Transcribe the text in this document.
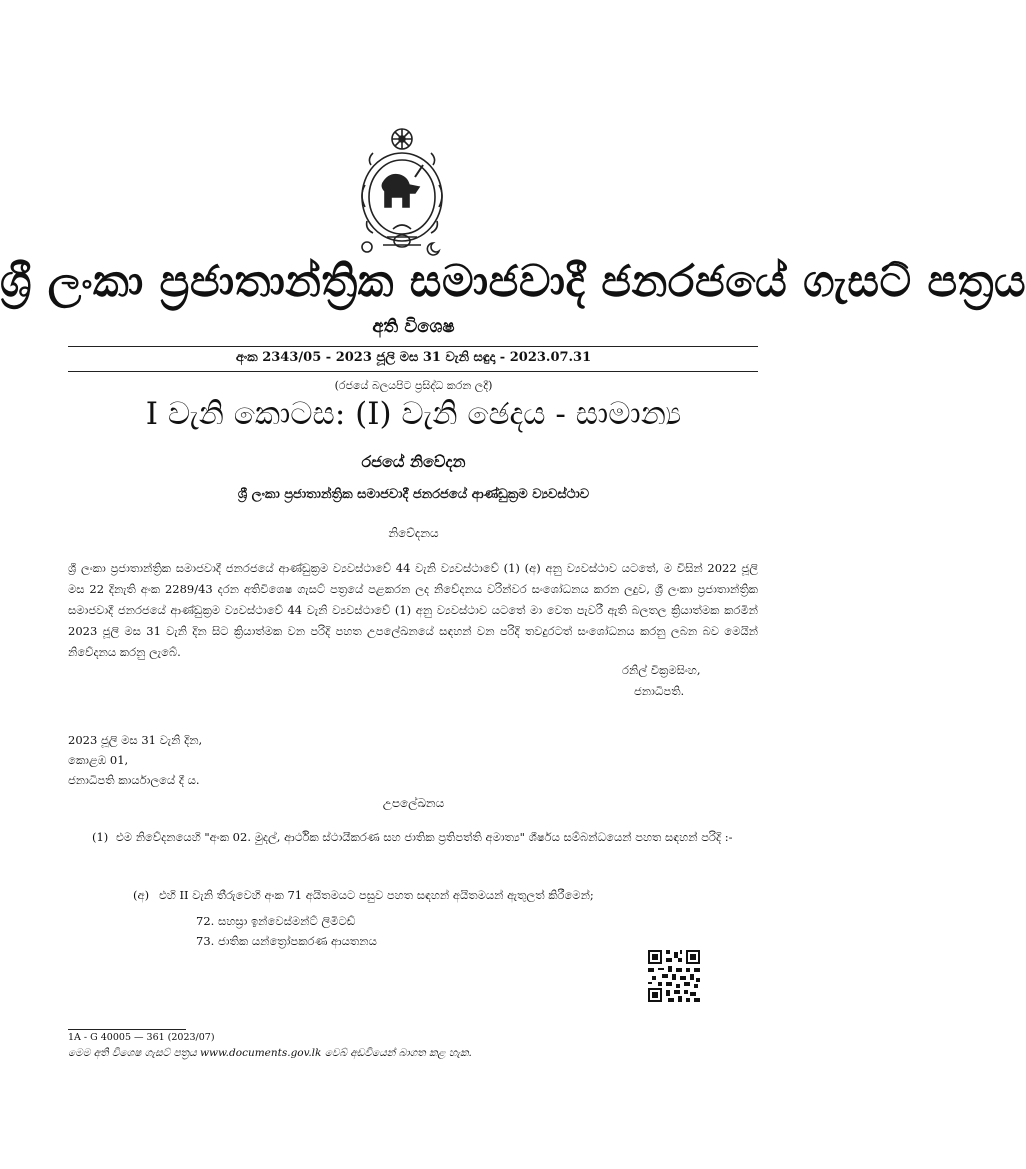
ශ්‍රී ලංකා ප්‍රජාතාන්ත්‍රික සමාජවාදී ජනරජයේ ගැසට් පත්‍රය
අති විශෙෂ
අංක 2343/05 - 2023 ජූලි මස 31 වැනි සඳුදා - 2023.07.31
(රජයේ බලයපිට ප්‍රසිද්ධ කරන ලදී)
I වැනි කොටස: (I) වැනි ඡෙදය - සාමාන්‍ය
රජයේ නිවේදන
ශ්‍රී ලංකා ප්‍රජාතාන්ත්‍රික සමාජවාදී ජනරජයේ ආණ්ඩුක්‍රම ව්‍යවස්ථාව
නිවේදනය
ශ්‍රී ලංකා ප්‍රජාතාන්ත්‍රික සමාජවාදී ජනරජයේ ආණ්ඩුක්‍රම ව්‍යවස්ථාවේ 44 වැනි ව්‍යවස්ථාවේ (1) (අ) අනු ව්‍යවස්ථාව යටතේ, ම විසින් 2022 ජූලි මස 22 දිනැති අංක 2289/43 දරන අතිවිශෙෂ ගැසට් පත්‍රයේ පළකරන ලද නිවේදනය වරින්වර සංශෝධනය කරන ලදුව, ශ්‍රී ලංකා ප්‍රජාතාන්ත්‍රික සමාජවාදී ජනරජයේ ආණ්ඩුක්‍රම ව්‍යවස්ථාවේ 44 වැනි ව්‍යවස්ථාවේ (1) අනු ව්‍යවස්ථාව යටතේ මා වෙත පැවරී ඇති බලතල ක්‍රියාත්මක කරමින් 2023 ජූලි මස 31 වැනි දින සිට ක්‍රියාත්මක වන පරිදි පහත උපලේඛනයේ සඳහන් වන පරිදි තවදුරටත් සංශෝධනය කරනු ලබන බව මෙයින් නිවේදනය කරනු ලැබේ.
රනිල් වික්‍රමසිංහ,
ජනාධිපති.
2023 ජූලි මස 31 වැනි දින,
කොළඹ 01,
ජනාධිපති කාර්යාලයේ දී ය.
උපලේඛනය
(1) එම නිවේදනයෙහි "අංක 02. මුදල්, ආර්ථික ස්ථායීකරණ සහ ජාතික ප්‍රතිපත්ති අමාත්‍ය" ශීර්ෂය සම්බන්ධයෙන් පහත සඳහන් පරිදි :-
(අ) එහි II වැනි තීරුවෙහි අංක 71 අයිතමයට පසුව පහත සඳහන් අයිතමයන් ඇතුලත් කිරීමෙන්;
72. සහස්‍රා ඉන්වෙස්මන්ට් ලිමිටඩ්
73. ජාතික යන්ත්‍රෝපකරණ ආයතනය
1A - G 40005 — 361 (2023/07)
මෙම අති විශෙෂ ගැසට් පත්‍රය www.documents.gov.lk වෙබ් අඩවියෙන් බාගත කළ හැක.
